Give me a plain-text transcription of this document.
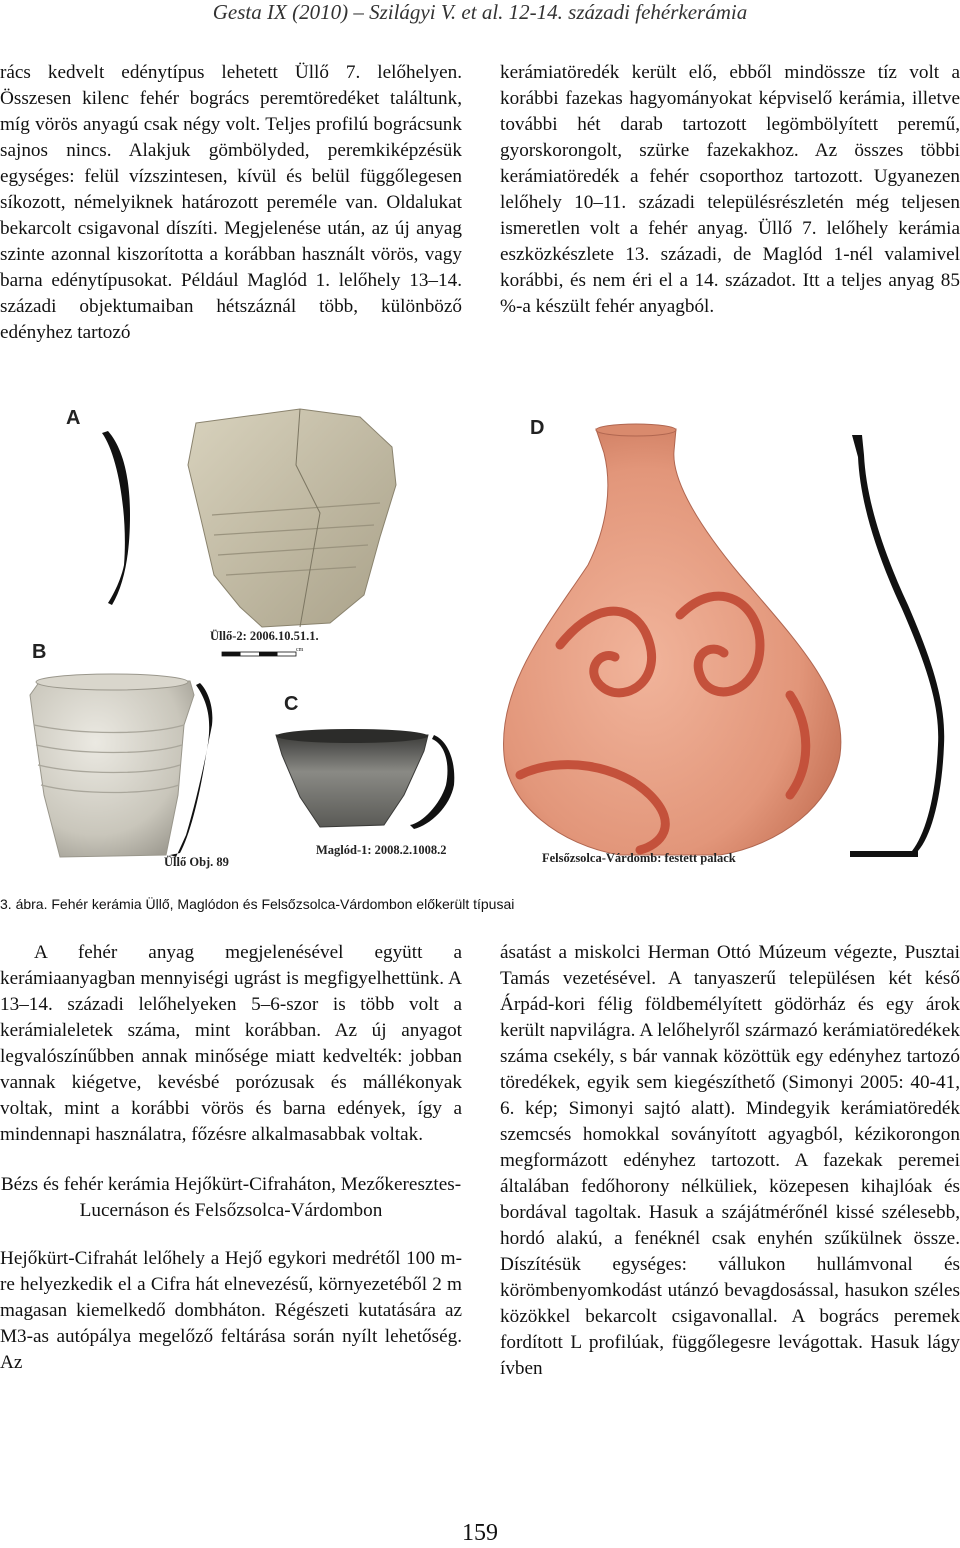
Gesta IX (2010) – Szilágyi V. et al. 12-14. századi fehérkerámia

rács kedvelt edénytípus lehetett Üllő 7. lelőhelyen. Összesen kilenc fehér bogrács peremtöredéket találtunk, míg vörös anyagú csak négy volt. Teljes profilú bográcsunk sajnos nincs. Alakjuk gömbölyded, peremkiképzésük egységes: felül vízszintesen, kívül és belül függőlegesen síkozott, némelyiknek határozott pereméle van. Oldalukat bekarcolt csigavonal díszíti. Megjelenése után, az új anyag szinte azonnal kiszorította a korábban használt vörös, vagy barna edénytípusokat. Például Maglód 1. lelőhely 13–14. századi objektumaiban hétszáznál több, különböző edényhez tartozó

kerámiatöredék került elő, ebből mindössze tíz volt a korábbi fazekas hagyományokat képviselő kerámia, illetve további hét darab tartozott legömbölyített peremű, gyorskorongolt, szürke fazekakhoz. Az összes többi kerámiatöredék a fehér csoporthoz tartozott. Ugyanezen lelőhely 10–11. századi településrészletén még teljesen ismeretlen volt a fehér anyag. Üllő 7. lelőhely kerámia eszközkészlete 13. századi, de Maglód 1-nél valamivel korábbi, és nem éri el a 14. századot. Itt a teljes anyag 85 %-a készült fehér anyagból.

A
Üllő-2: 2006.10.51.1.
cm
B
C
D
Üllő Obj. 89
Maglód-1: 2008.2.1008.2
Felsőzsolca-Várdomb: festett palack
3. ábra. Fehér kerámia Üllő, Maglódon és Felsőzsolca-Várdombon előkerült típusai

A fehér anyag megjelenésével együtt a kerámiaanyagban mennyiségi ugrást is megfigyelhettünk. A 13–14. századi lelőhelyeken 5–6-szor is több volt a kerámialeletek száma, mint korábban. Az új anyagot legvalószínűbben annak minősége miatt kedvelték: jobban vannak kiégetve, kevésbé porózusak és mállékonyak voltak, mint a korábbi vörös és barna edények, így a mindennapi használatra, főzésre alkalmasabbak voltak.

Bézs és fehér kerámia Hejőkürt-Cifraháton, Mezőkeresztes-Lucernáson és Felsőzsolca-Várdombon

Hejőkürt-Cifrahát lelőhely a Hejő egykori medrétől 100 m-re helyezkedik el a Cifra hát elnevezésű, környezetéből 2 m magasan kiemelkedő dombháton. Régészeti kutatására az M3-as autópálya megelőző feltárása során nyílt lehetőség. Az

ásatást a miskolci Herman Ottó Múzeum végezte, Pusztai Tamás vezetésével. A tanyaszerű településen két késő Árpád-kori félig földbemélyített gödörház és egy árok került napvilágra. A lelőhelyről származó kerámiatöredékek száma csekély, s bár vannak közöttük egy edényhez tartozó töredékek, egyik sem kiegészíthető (Simonyi 2005: 40-41, 6. kép; Simonyi sajtó alatt). Mindegyik kerámiatöredék szemcsés homokkal soványított agyagból, kézikorongon megformázott edényhez tartozott. A fazekak peremei általában fedőhorony nélküliek, közepesen kihajlóak és bordával tagoltak. Hasuk a szájátmérőnél kissé szélesebb, hordó alakú, a fenéknél csak enyhén szűkülnek össze. Díszítésük egységes: vállukon hullámvonal és körömbenyomkodást utánzó bevagdosással, hasukon széles közökkel bekarcolt csigavonallal. A bogrács peremek fordított L profilúak, függőlegesre levágottak. Hasuk lágy ívben

159
